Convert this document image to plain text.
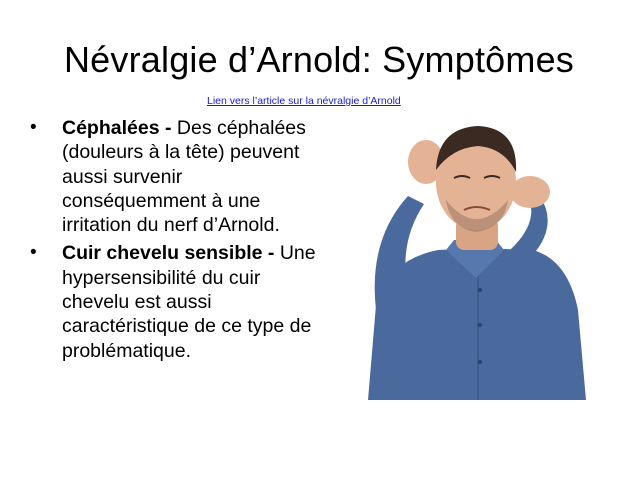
Névralgie d’Arnold: Symptômes
Lien vers l’article sur la névralgie d’Arnold
• Céphalées - Des céphalées (douleurs à la tête) peuvent aussi survenir conséquemment à une irritation du nerf d’Arnold.
• Cuir chevelu sensible - Une hypersensibilité du cuir chevelu est aussi caractéristique de ce type de problématique.
